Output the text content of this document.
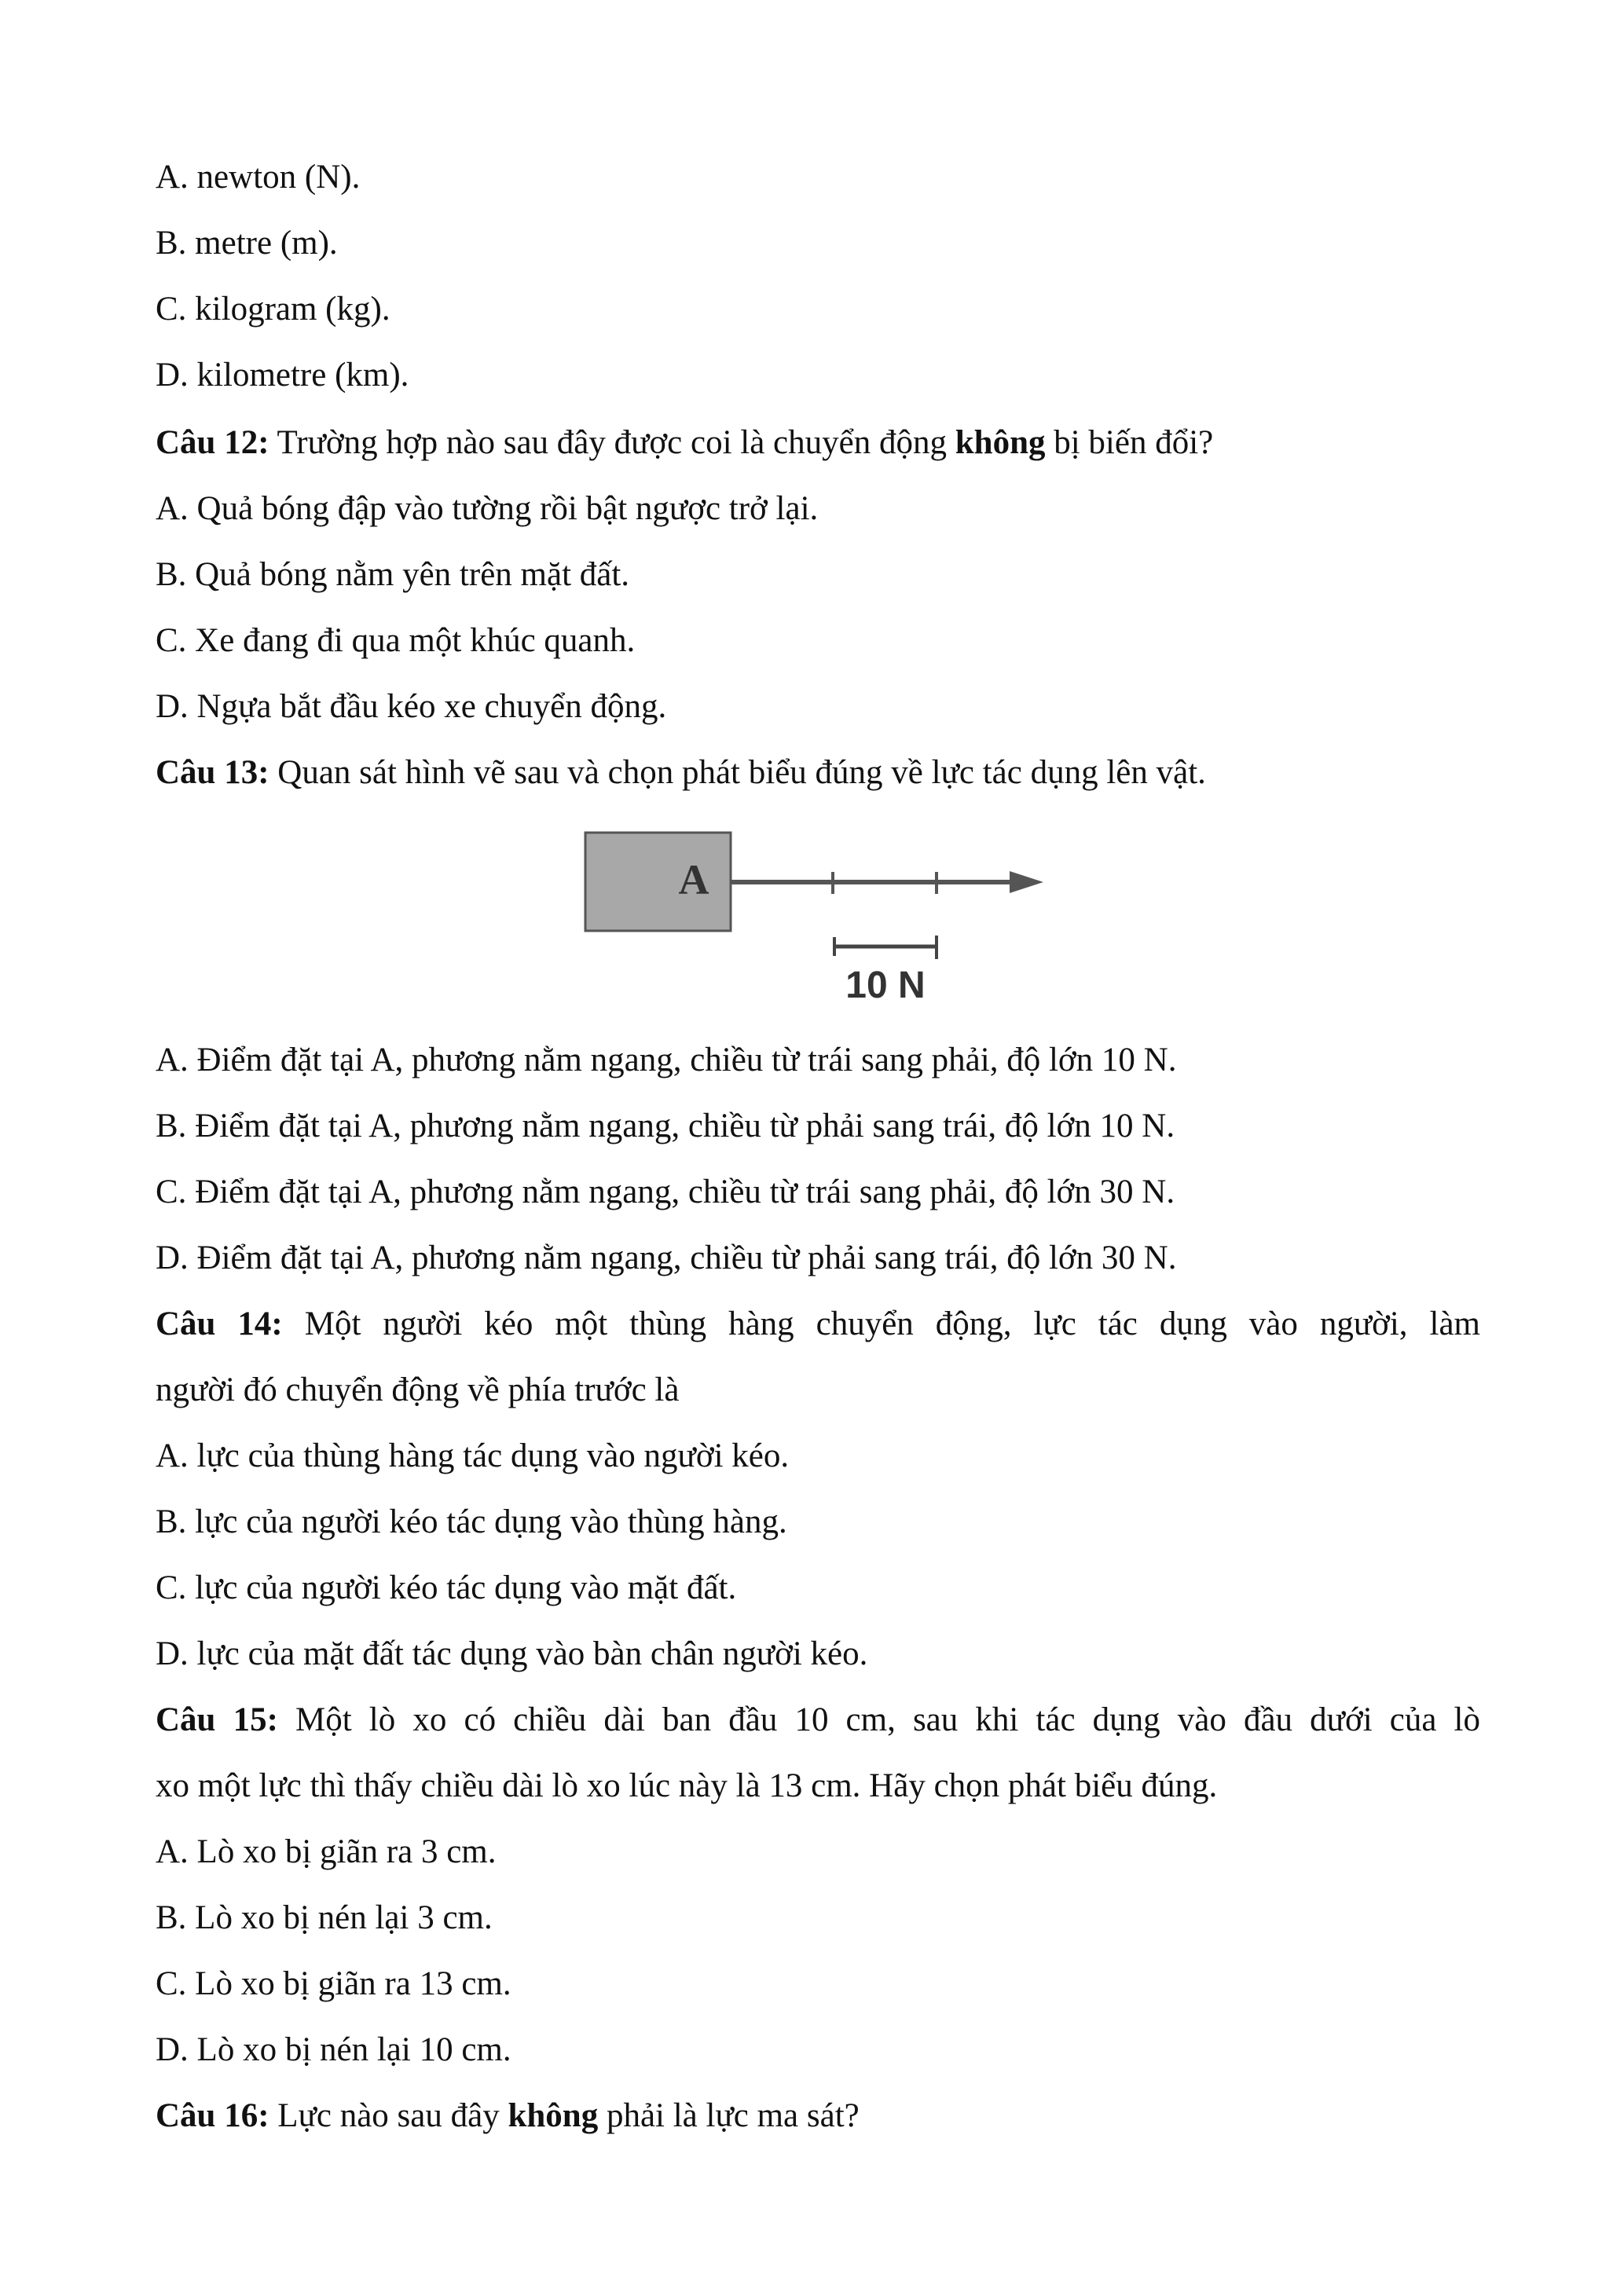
A. newton (N).
B. metre (m).
C. kilogram (kg).
D. kilometre (km).
Câu 12: Trường hợp nào sau đây được coi là chuyển động không bị biến đổi?
A. Quả bóng đập vào tường rồi bật ngược trở lại.
B. Quả bóng nằm yên trên mặt đất.
C. Xe đang đi qua một khúc quanh.
D. Ngựa bắt đầu kéo xe chuyển động.
Câu 13: Quan sát hình vẽ sau và chọn phát biểu đúng về lực tác dụng lên vật.
A
10 N
A. Điểm đặt tại A, phương nằm ngang, chiều từ trái sang phải, độ lớn 10 N.
B. Điểm đặt tại A, phương nằm ngang, chiều từ phải sang trái, độ lớn 10 N.
C. Điểm đặt tại A, phương nằm ngang, chiều từ trái sang phải, độ lớn 30 N.
D. Điểm đặt tại A, phương nằm ngang, chiều từ phải sang trái, độ lớn 30 N.
Câu 14: Một người kéo một thùng hàng chuyển động, lực tác dụng vào người, làm
người đó chuyển động về phía trước là
A. lực của thùng hàng tác dụng vào người kéo.
B. lực của người kéo tác dụng vào thùng hàng.
C. lực của người kéo tác dụng vào mặt đất.
D. lực của mặt đất tác dụng vào bàn chân người kéo.
Câu 15: Một lò xo có chiều dài ban đầu 10 cm, sau khi tác dụng vào đầu dưới của lò
xo một lực thì thấy chiều dài lò xo lúc này là 13 cm. Hãy chọn phát biểu đúng.
A. Lò xo bị giãn ra 3 cm.
B. Lò xo bị nén lại 3 cm.
C. Lò xo bị giãn ra 13 cm.
D. Lò xo bị nén lại 10 cm.
Câu 16: Lực nào sau đây không phải là lực ma sát?
